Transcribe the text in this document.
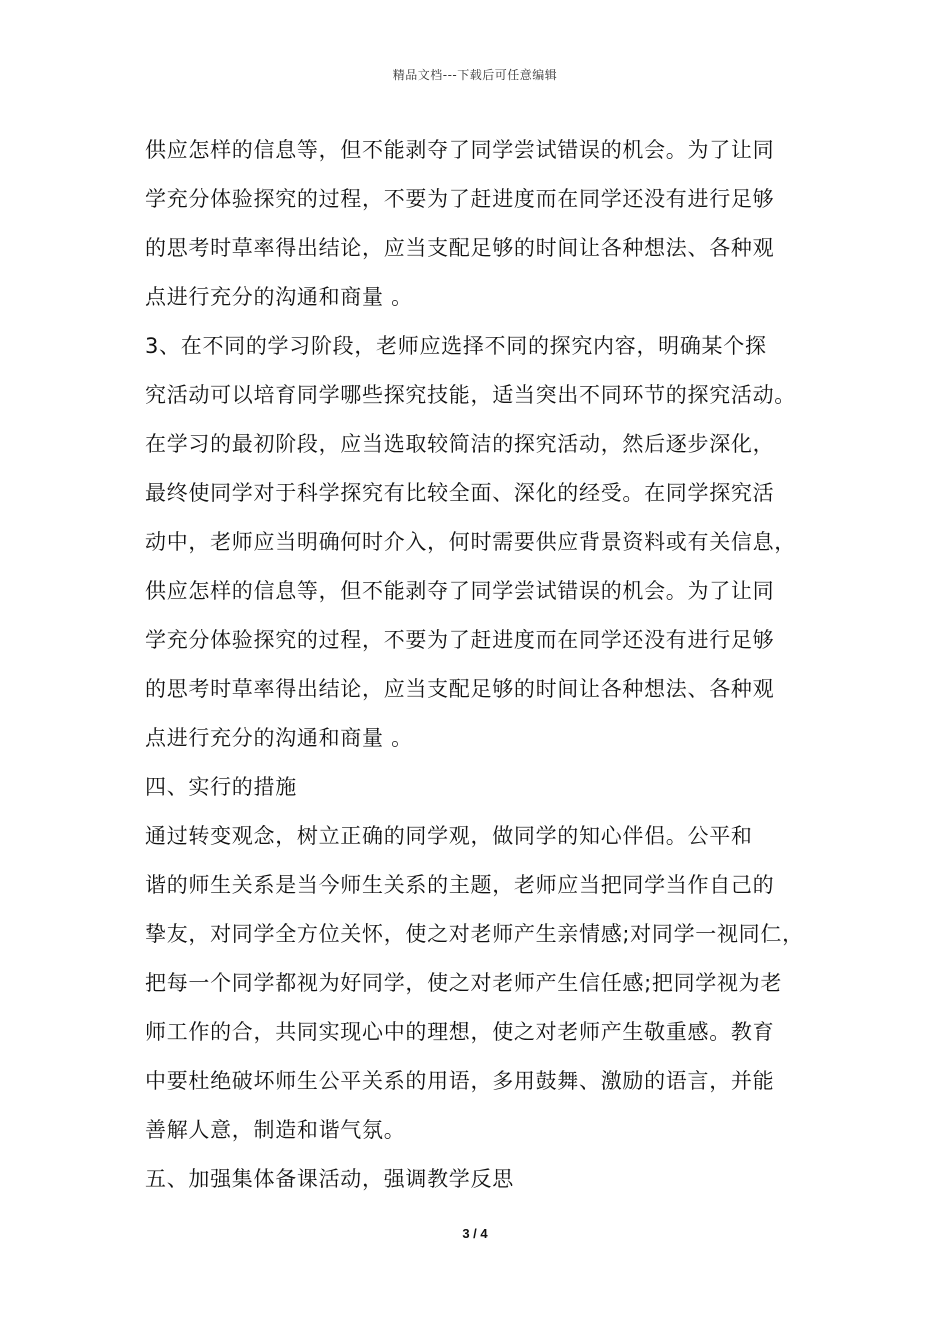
精品文档---下载后可任意编辑
供应怎样的信息等，但不能剥夺了同学尝试错误的机会。为了让同
学充分体验探究的过程，不要为了赶进度而在同学还没有进行足够
的思考时草率得出结论，应当支配足够的时间让各种想法、各种观
点进行充分的沟通和商量 。
3、在不同的学习阶段，老师应选择不同的探究内容，明确某个探
究活动可以培育同学哪些探究技能，适当突出不同环节的探究活动。
在学习的最初阶段，应当选取较简洁的探究活动，然后逐步深化，
最终使同学对于科学探究有比较全面、深化的经受。在同学探究活
动中，老师应当明确何时介入，何时需要供应背景资料或有关信息，
供应怎样的信息等，但不能剥夺了同学尝试错误的机会。为了让同
学充分体验探究的过程，不要为了赶进度而在同学还没有进行足够
的思考时草率得出结论，应当支配足够的时间让各种想法、各种观
点进行充分的沟通和商量 。
四、实行的措施
通过转变观念，树立正确的同学观，做同学的知心伴侣。公平和
谐的师生关系是当今师生关系的主题，老师应当把同学当作自己的
挚友，对同学全方位关怀，使之对老师产生亲情感;对同学一视同仁，
把每一个同学都视为好同学，使之对老师产生信任感;把同学视为老
师工作的合，共同实现心中的理想，使之对老师产生敬重感。教育
中要杜绝破坏师生公平关系的用语，多用鼓舞、激励的语言，并能
善解人意，制造和谐气氛。
五、加强集体备课活动，强调教学反思
3 / 4
